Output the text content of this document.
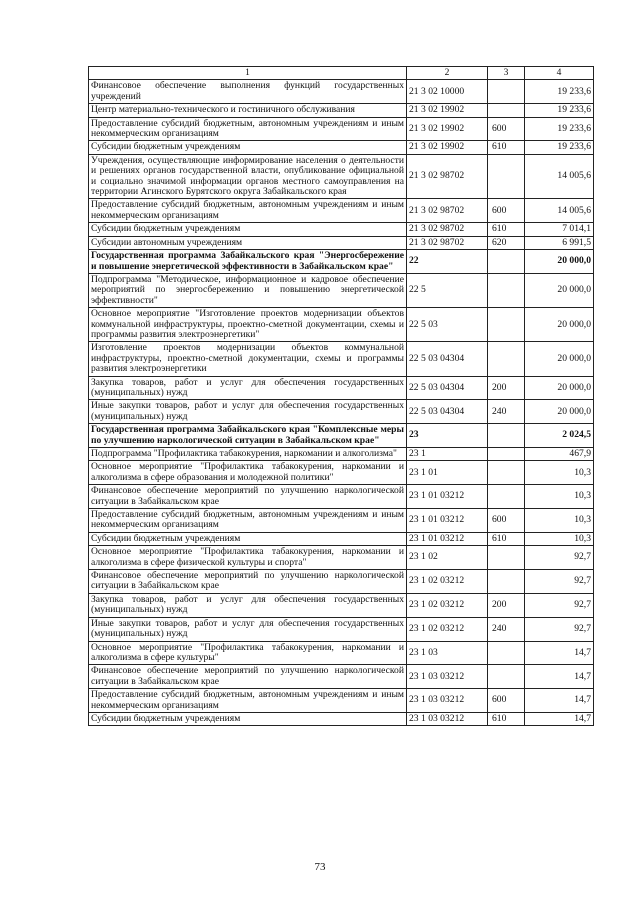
1	2	3	4
Финансовое обеспечение выполнения функций государственных учреждений	21 3 02 10000		19 233,6
Центр материально-технического и гостиничного обслуживания	21 3 02 19902		19 233,6
Предоставление субсидий бюджетным, автономным учреждениям и иным некоммерческим организациям	21 3 02 19902	600	19 233,6
Субсидии бюджетным учреждениям	21 3 02 19902	610	19 233,6
Учреждения, осуществляющие информирование населения о деятельности и решениях органов государственной власти, опубликование официальной и социально значимой информации органов местного самоуправления на территории Агинского Бурятского округа Забайкальского края	21 3 02 98702		14 005,6
Предоставление субсидий бюджетным, автономным учреждениям и иным некоммерческим организациям	21 3 02 98702	600	14 005,6
Субсидии бюджетным учреждениям	21 3 02 98702	610	7 014,1
Субсидии автономным учреждениям	21 3 02 98702	620	6 991,5
Государственная программа Забайкальского края "Энергосбережение и повышение энергетической эффективности в Забайкальском крае"	22		20 000,0
Подпрограмма "Методическое, информационное и кадровое обеспечение мероприятий по энергосбережению и повышению энергетической эффективности"	22 5		20 000,0
Основное мероприятие "Изготовление проектов модернизации объектов коммунальной инфраструктуры, проектно-сметной документации, схемы и программы развития электроэнергетики"	22 5 03		20 000,0
Изготовление проектов модернизации объектов коммунальной инфраструктуры, проектно-сметной документации, схемы и программы развития электроэнергетики	22 5 03 04304		20 000,0
Закупка товаров, работ и услуг для обеспечения государственных (муниципальных) нужд	22 5 03 04304	200	20 000,0
Иные закупки товаров, работ и услуг для обеспечения государственных (муниципальных) нужд	22 5 03 04304	240	20 000,0
Государственная программа Забайкальского края "Комплексные меры по улучшению наркологической ситуации в Забайкальском крае"	23		2 024,5
Подпрограмма "Профилактика табакокурения, наркомании и алкоголизма"	23 1		467,9
Основное мероприятие "Профилактика табакокурения, наркомании и алкоголизма в сфере образования и молодежной политики"	23 1 01		10,3
Финансовое обеспечение мероприятий по улучшению наркологической ситуации в Забайкальском крае	23 1 01 03212		10,3
Предоставление субсидий бюджетным, автономным учреждениям и иным некоммерческим организациям	23 1 01 03212	600	10,3
Субсидии бюджетным учреждениям	23 1 01 03212	610	10,3
Основное мероприятие "Профилактика табакокурения, наркомании и алкоголизма в сфере физической культуры и спорта"	23 1 02		92,7
Финансовое обеспечение мероприятий по улучшению наркологической ситуации в Забайкальском крае	23 1 02 03212		92,7
Закупка товаров, работ и услуг для обеспечения государственных (муниципальных) нужд	23 1 02 03212	200	92,7
Иные закупки товаров, работ и услуг для обеспечения государственных (муниципальных) нужд	23 1 02 03212	240	92,7
Основное мероприятие "Профилактика табакокурения, наркомании и алкоголизма в сфере культуры"	23 1 03		14,7
Финансовое обеспечение мероприятий по улучшению наркологической ситуации в Забайкальском крае	23 1 03 03212		14,7
Предоставление субсидий бюджетным, автономным учреждениям и иным некоммерческим организациям	23 1 03 03212	600	14,7
Субсидии бюджетным учреждениям	23 1 03 03212	610	14,7
73
